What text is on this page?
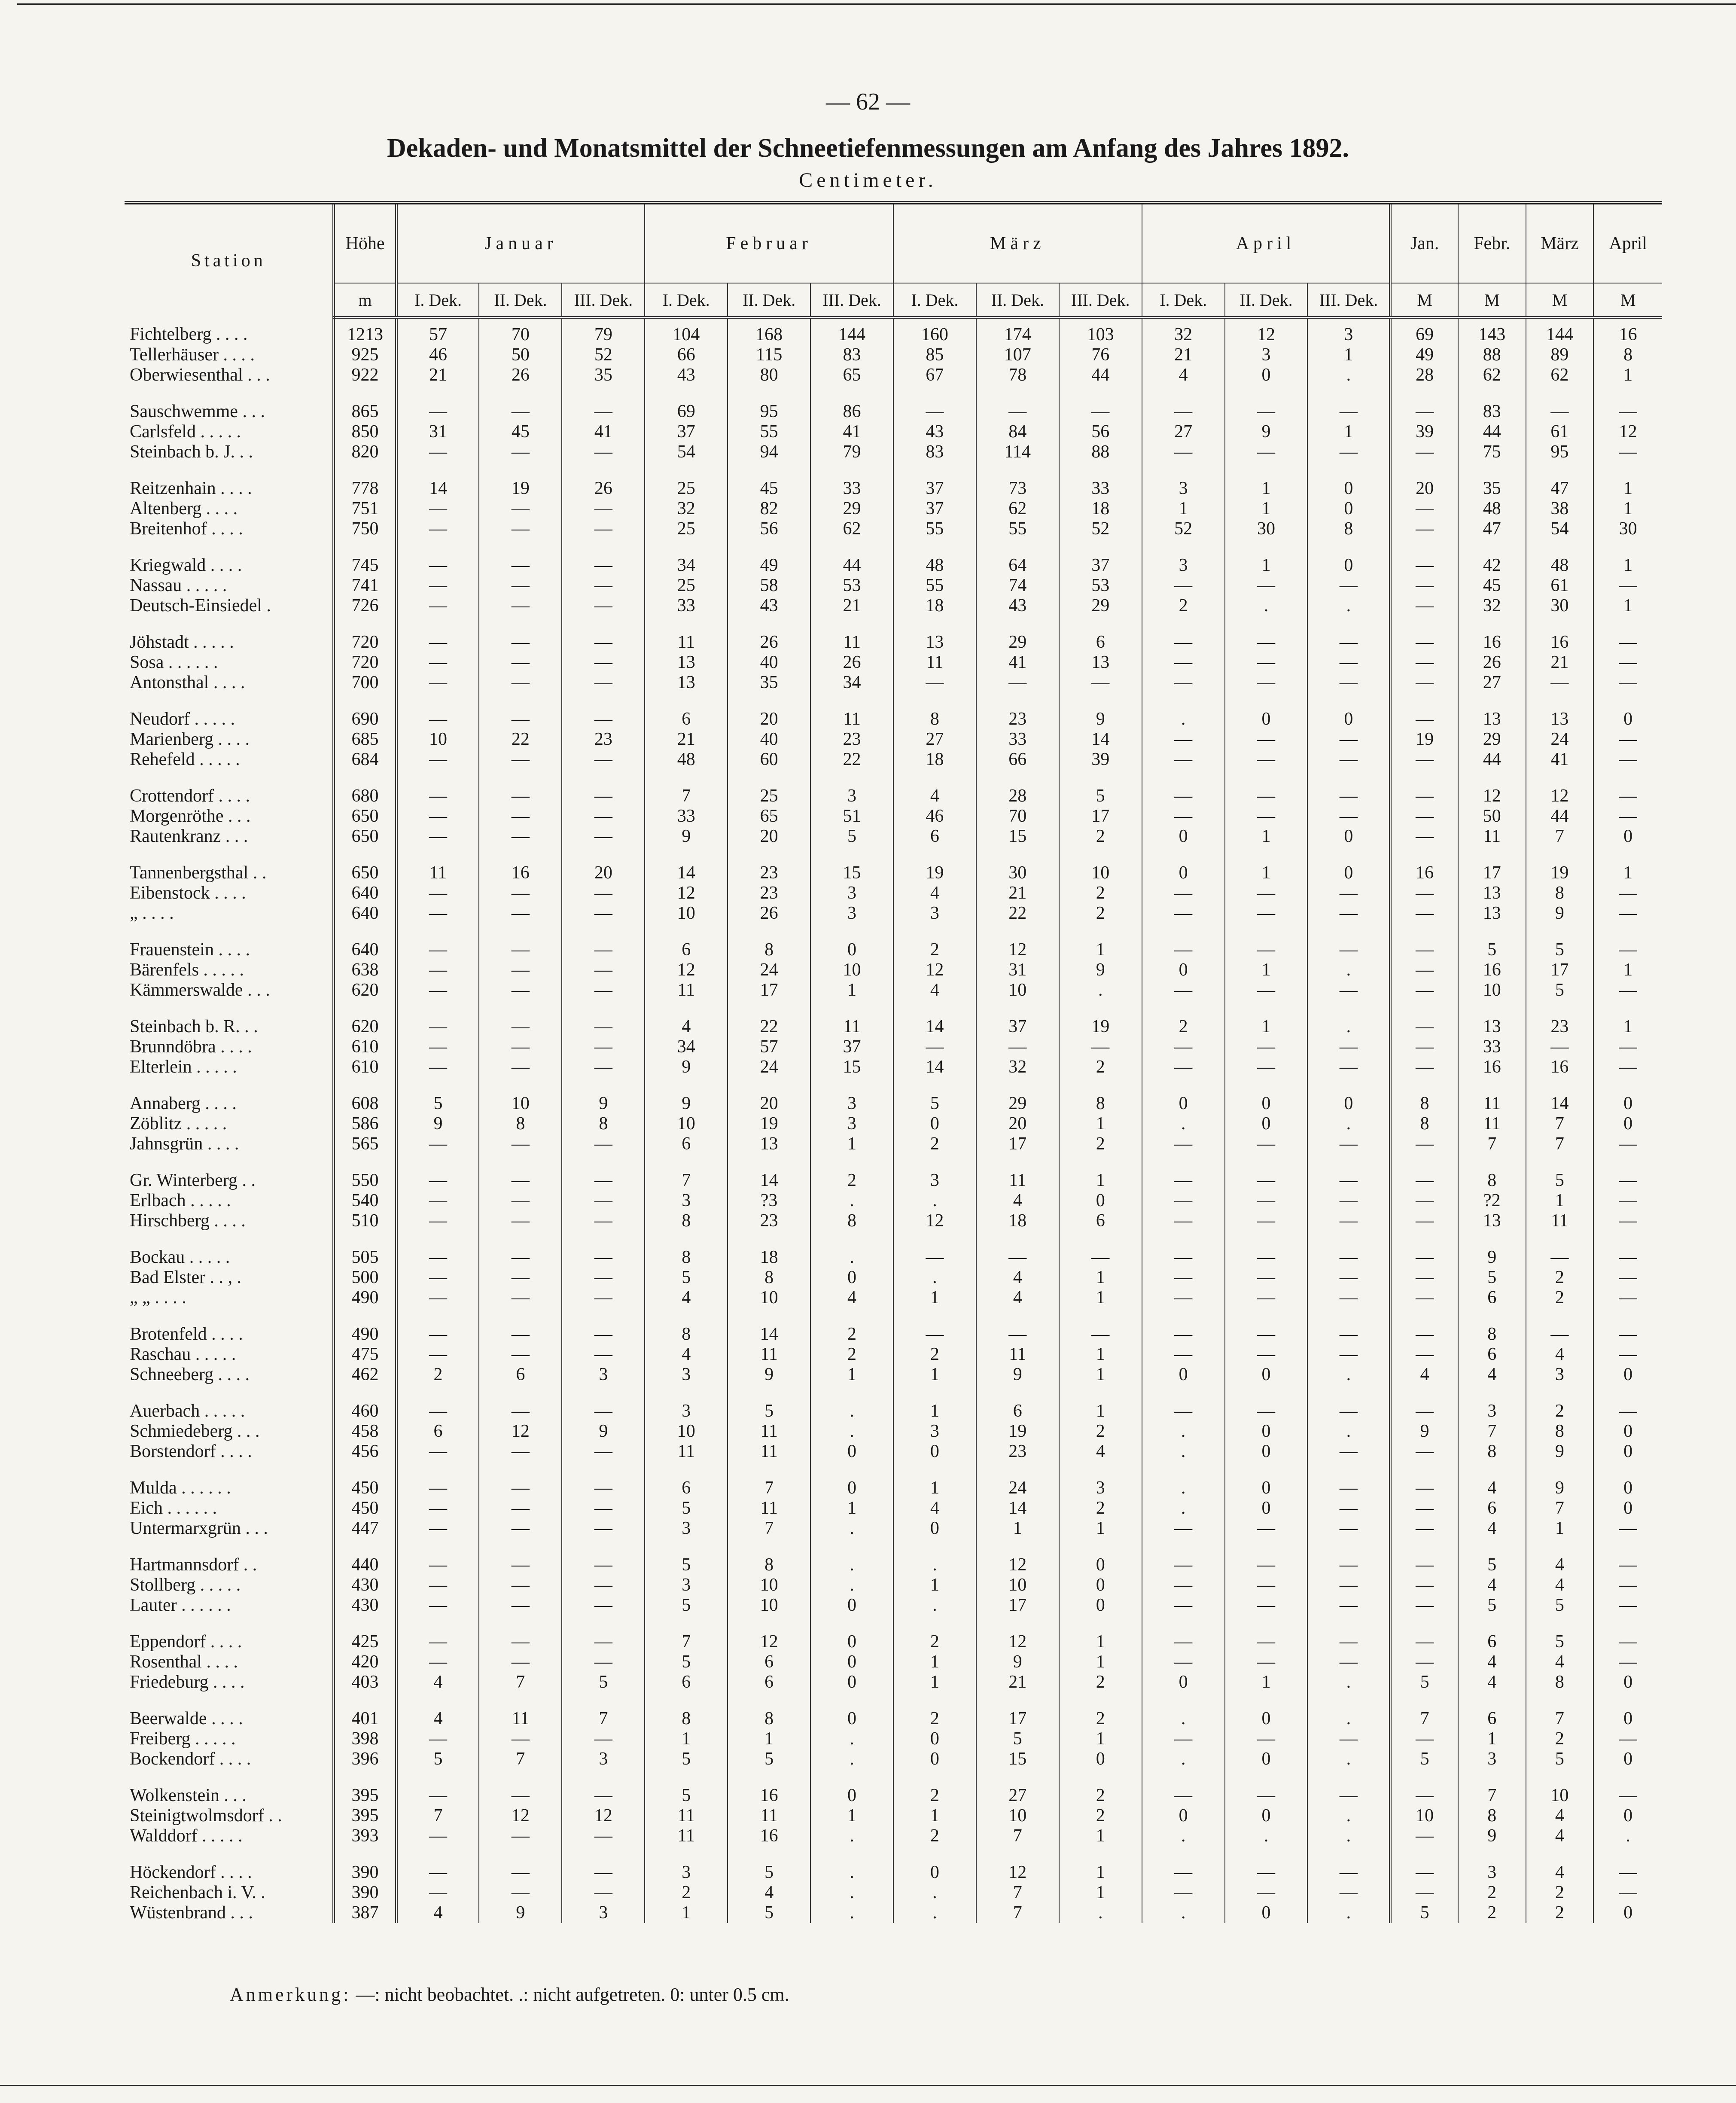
— 62 —
Dekaden- und Monatsmittel der Schneetiefenmessungen am Anfang des Jahres 1892.
Centimeter.
Station	Höhe	Januar			Februar			März			April			Jan.	Febr.	März	April
	m	I. Dek.	II. Dek.	III. Dek.	I. Dek.	II. Dek.	III. Dek.	I. Dek.	II. Dek.	III. Dek.	I. Dek.	II. Dek.	III. Dek.	M	M	M	M
Fichtelberg . . . .	1213	57	70	79	104	168	144	160	174	103	32	12	3	69	143	144	16
Tellerhäuser . . . .	925	46	50	52	66	115	83	85	107	76	21	3	1	49	88	89	8
Oberwiesenthal . . .	922	21	26	35	43	80	65	67	78	44	4	0	.	28	62	62	1

Sauschwemme . . .	865	—	—	—	69	95	86	—	—	—	—	—	—	—	83	—	—
Carlsfeld . . . . .	850	31	45	41	37	55	41	43	84	56	27	9	1	39	44	61	12
Steinbach b. J. . .	820	—	—	—	54	94	79	83	114	88	—	—	—	—	75	95	—

Reitzenhain . . . .	778	14	19	26	25	45	33	37	73	33	3	1	0	20	35	47	1
Altenberg . . . .	751	—	—	—	32	82	29	37	62	18	1	1	0	—	48	38	1
Breitenhof . . . .	750	—	—	—	25	56	62	55	55	52	52	30	8	—	47	54	30

Kriegwald . . . .	745	—	—	—	34	49	44	48	64	37	3	1	0	—	42	48	1
Nassau . . . . .	741	—	—	—	25	58	53	55	74	53	—	—	—	—	45	61	—
Deutsch-Einsiedel .	726	—	—	—	33	43	21	18	43	29	2	.	.	—	32	30	1

Jöhstadt . . . . .	720	—	—	—	11	26	11	13	29	6	—	—	—	—	16	16	—
Sosa . . . . . .	720	—	—	—	13	40	26	11	41	13	—	—	—	—	26	21	—
Antonsthal . . . .	700	—	—	—	13	35	34	—	—	—	—	—	—	—	27	—	—

Neudorf . . . . .	690	—	—	—	6	20	11	8	23	9	.	0	0	—	13	13	0
Marienberg . . . .	685	10	22	23	21	40	23	27	33	14	—	—	—	19	29	24	—
Rehefeld . . . . .	684	—	—	—	48	60	22	18	66	39	—	—	—	—	44	41	—

Crottendorf . . . .	680	—	—	—	7	25	3	4	28	5	—	—	—	—	12	12	—
Morgenröthe . . .	650	—	—	—	33	65	51	46	70	17	—	—	—	—	50	44	—
Rautenkranz . . .	650	—	—	—	9	20	5	6	15	2	0	1	0	—	11	7	0

Tannenbergsthal . .	650	11	16	20	14	23	15	19	30	10	0	1	0	16	17	19	1
Eibenstock . . . .	640	—	—	—	12	23	3	4	21	2	—	—	—	—	13	8	—
„ . . . .	640	—	—	—	10	26	3	3	22	2	—	—	—	—	13	9	—

Frauenstein . . . .	640	—	—	—	6	8	0	2	12	1	—	—	—	—	5	5	—
Bärenfels . . . . .	638	—	—	—	12	24	10	12	31	9	0	1	.	—	16	17	1
Kämmerswalde . . .	620	—	—	—	11	17	1	4	10	.	—	—	—	—	10	5	—

Steinbach b. R. . .	620	—	—	—	4	22	11	14	37	19	2	1	.	—	13	23	1
Brunndöbra . . . .	610	—	—	—	34	57	37	—	—	—	—	—	—	—	33	—	—
Elterlein . . . . .	610	—	—	—	9	24	15	14	32	2	—	—	—	—	16	16	—

Annaberg . . . .	608	5	10	9	9	20	3	5	29	8	0	0	0	8	11	14	0
Zöblitz . . . . .	586	9	8	8	10	19	3	0	20	1	.	0	.	8	11	7	0
Jahnsgrün . . . .	565	—	—	—	6	13	1	2	17	2	—	—	—	—	7	7	—

Gr. Winterberg . .	550	—	—	—	7	14	2	3	11	1	—	—	—	—	8	5	—
Erlbach . . . . .	540	—	—	—	3	?3	.	.	4	0	—	—	—	—	?2	1	—
Hirschberg . . . .	510	—	—	—	8	23	8	12	18	6	—	—	—	—	13	11	—

Bockau . . . . .	505	—	—	—	8	18	.	—	—	—	—	—	—	—	9	—	—
Bad Elster . . , .	500	—	—	—	5	8	0	.	4	1	—	—	—	—	5	2	—
„ „ . . . .	490	—	—	—	4	10	4	1	4	1	—	—	—	—	6	2	—

Brotenfeld . . . .	490	—	—	—	8	14	2	—	—	—	—	—	—	—	8	—	—
Raschau . . . . .	475	—	—	—	4	11	2	2	11	1	—	—	—	—	6	4	—
Schneeberg . . . .	462	2	6	3	3	9	1	1	9	1	0	0	.	4	4	3	0

Auerbach . . . . .	460	—	—	—	3	5	.	1	6	1	—	—	—	—	3	2	—
Schmiedeberg . . .	458	6	12	9	10	11	.	3	19	2	.	0	.	9	7	8	0
Borstendorf . . . .	456	—	—	—	11	11	0	0	23	4	.	0	—	—	8	9	0

Mulda . . . . . .	450	—	—	—	6	7	0	1	24	3	.	0	—	—	4	9	0
Eich . . . . . .	450	—	—	—	5	11	1	4	14	2	.	0	—	—	6	7	0
Untermarxgrün . . .	447	—	—	—	3	7	.	0	1	1	—	—	—	—	4	1	—

Hartmannsdorf . .	440	—	—	—	5	8	.	.	12	0	—	—	—	—	5	4	—
Stollberg . . . . .	430	—	—	—	3	10	.	1	10	0	—	—	—	—	4	4	—
Lauter . . . . . .	430	—	—	—	5	10	0	.	17	0	—	—	—	—	5	5	—

Eppendorf . . . .	425	—	—	—	7	12	0	2	12	1	—	—	—	—	6	5	—
Rosenthal . . . .	420	—	—	—	5	6	0	1	9	1	—	—	—	—	4	4	—
Friedeburg . . . .	403	4	7	5	6	6	0	1	21	2	0	1	.	5	4	8	0

Beerwalde . . . .	401	4	11	7	8	8	0	2	17	2	.	0	.	7	6	7	0
Freiberg . . . . .	398	—	—	—	1	1	.	0	5	1	—	—	—	—	1	2	—
Bockendorf . . . .	396	5	7	3	5	5	.	0	15	0	.	0	.	5	3	5	0

Wolkenstein . . .	395	—	—	—	5	16	0	2	27	2	—	—	—	—	7	10	—
Steinigtwolmsdorf . .	395	7	12	12	11	11	1	1	10	2	0	0	.	10	8	4	0
Walddorf . . . . .	393	—	—	—	11	16	.	2	7	1	.	.	.	—	9	4	.

Höckendorf . . . .	390	—	—	—	3	5	.	0	12	1	—	—	—	—	3	4	—
Reichenbach i. V. .	390	—	—	—	2	4	.	.	7	1	—	—	—	—	2	2	—
Wüstenbrand . . .	387	4	9	3	1	5	.	.	7	.	.	0	.	5	2	2	0
Anmerkung: —: nicht beobachtet. .: nicht aufgetreten. 0: unter 0.5 cm.
